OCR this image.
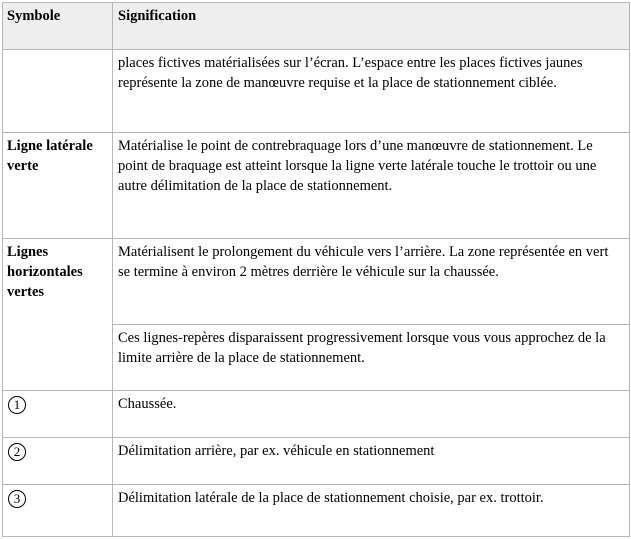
Symbole	Signification

	places fictives matérialisées sur l’écran. L’espace entre les places fictives jaunes représente la zone de manœuvre requise et la place de stationnement ciblée.

Ligne latérale verte	Matérialise le point de contrebraquage lors d’une manœuvre de stationnement. Le point de braquage est atteint lorsque la ligne verte latérale touche le trottoir ou une autre délimitation de la place de stationnement.

Lignes horizontales vertes	Matérialisent le prolongement du véhicule vers l’arrière. La zone représentée en vert se termine à environ 2 mètres derrière le véhicule sur la chaussée.

	Ces lignes-repères disparaissent progressivement lorsque vous vous approchez de la limite arrière de la place de stationnement.

1	Chaussée.

2	Délimitation arrière, par ex. véhicule en stationnement

3	Délimitation latérale de la place de stationnement choisie, par ex. trottoir.
